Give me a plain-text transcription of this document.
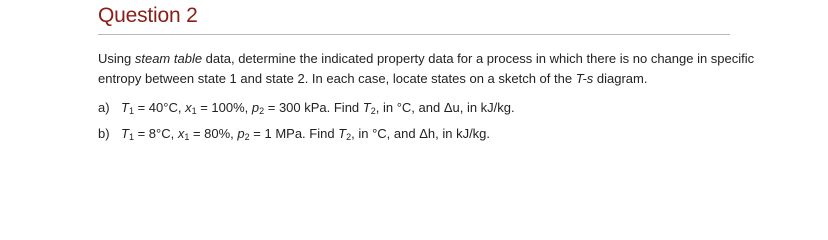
Question 2
Using steam table data, determine the indicated property data for a process in which there is no change in specific entropy between state 1 and state 2. In each case, locate states on a sketch of the T-s diagram.
a) $T_1 = 40^\circ C$, $x_1 = 100\%$, $p_2 = 300$ kPa. Find $T_2$, in °C, and Δu, in kJ/kg.
b) $T_1 = 8^\circ C$, $x_1 = 80\%$, $p_2 = 1$ MPa. Find $T_2$, in °C, and Δh, in kJ/kg.
